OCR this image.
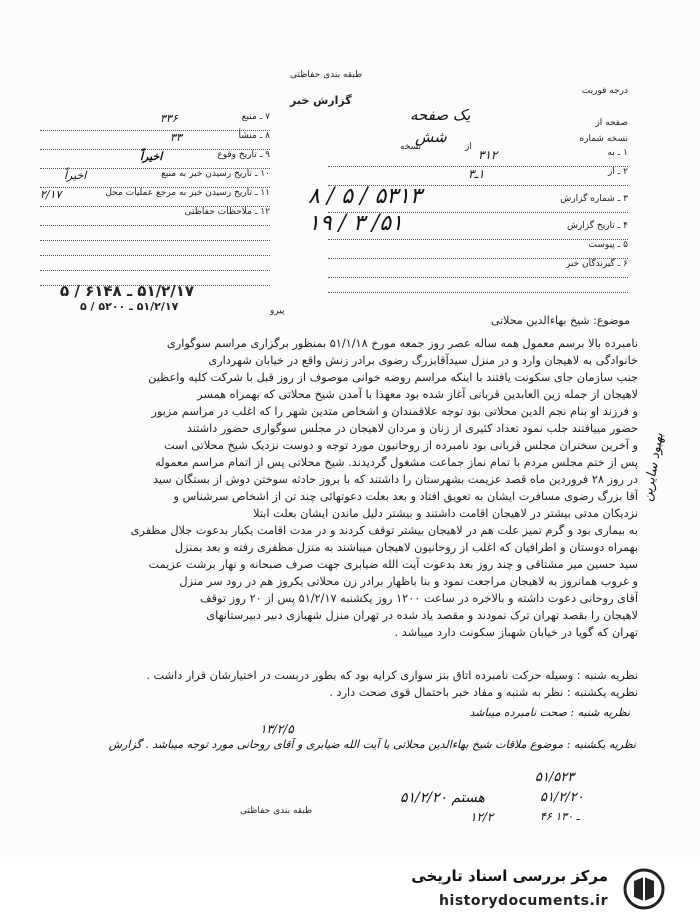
درجه فوریت
طبقه بندی حفاظتی
گزارش خبر
صفحه از
یک صفحه
نسخه شماره
شش
از
نسخه
۷ ـ منبع
۳۳۶
۸ ـ منشأ
۳۳
۹ ـ تاریخ وقوع
اخیراً
۱۰ ـ تاریخ رسیدن خبر به منبع
اخیراً
۱۱ ـ تاریخ رسیدن خبر به مرجع عملیات محل
۲/۱۷
۱۲ ـ ملاحظات حفاظتی
۱ ـ به
۳۱۲
۲ ـ از
۱ـ۳
۳ ـ شماره گزارش
۵۳۱۳ / ۵ / ۸
۴ ـ تاریخ گزارش
۵۱/ ۳ / ۱۹
۵ ـ پیوست
۶ ـ گیرندگان خبر
۵۱/۲/۱۷ ـ ۶۱۴۸ / ۵
۵۱/۲/۱۷ ـ ۵۲۰۰ / ۵	پیرو
موضوع: شیخ بهاءالدین محلاتی
نامبرده بالا برسم معمول همه ساله عصر روز جمعه مورخ ۵۱/۱/۱۸ بمنظور برگزاری مراسم سوگواری
خانوادگی به لاهیجان وارد و در منزل سیدآقابزرگ رضوی برادر زنش واقع در خیابان شهرداری
جنب سازمان جای سکونت یافتند با اینکه مراسم روضه خوانی موصوف از روز قبل با شرکت کلیه واعظین
لاهیجان از جمله زین العابدین قربانی آغاز شده بود معهذا با آمدن شیخ محلاتی که بهمراه همسر
و فرزند او بنام نجم الدین محلاتی بود توجه علاقمندان و اشخاص متدین شهر را که اغلب در مراسم مزبور
حضور مییافتند جلب نمود تعداد کثیری از زنان و مردان لاهیجان در مجلس سوگواری حضور داشتند
و آخرین سخنران مجلس قربانی بود نامبرده از روحانیون مورد توجه و دوست نزدیک شیخ محلاتی است
پس از ختم مجلس مردم با تمام نماز جماعت مشغول گردیدند. شیخ محلاتی پس از اتمام مراسم معموله
در روز ۲۸ فروردین ماه قصد عزیمت بشهرستان را داشتند که با بروز حادثه سوختن دوش از بستگان سید
آقا بزرگ رضوی مسافرت ایشان به تعویق افتاد و بعد بعلت دعوتهائی چند تن از اشخاص سرشناس و
نزدیکان مدتی بیشتر در لاهیجان اقامت داشتند و بیشتر دلیل ماندن ایشان بعلت ابتلا
به بیماری بود و گرم تمیز علت هم در لاهیجان بیشتر توقف کردند و در مدت اقامت یکبار بدعوت جلال مظفری
بهمراه دوستان و اطرافیان که اغلب از روحانیون لاهیجان میباشند به منزل مظفری رفته و بعد بمنزل
سید حسین میر مشتاقی و چند روز بعد بدعوت آیت الله ضیابری جهت صرف صبحانه و نهار برشت عزیمت
و غروب همانروز به لاهیجان مراجعت نمود و بنا باظهار برادر زن محلاتی یکروز هم در رود سر منزل
آقای روحانی دعوت داشته و بالاخره در ساعت ۱۲۰۰ روز یکشنبه ۵۱/۲/۱۷ پس از ۲۰ روز توقف
لاهیجان را بقصد تهران ترک نمودند و مقصد یاد شده در تهران منزل شهبازی دبیر دبیرستانهای
تهران که گویا در خیابان شهباز سکونت دارد میباشد .
نظریه شنبه : وسیله حرکت نامبرده اتاق بنز سواری کرایه بود که بطور دربست در اختیارشان قرار داشت .
نظریه یکشنبه : نظر به شنبه و مفاد خبر باحتمال قوی صحت دارد .
نظریه شنبه : صحت نامبرده میباشد
نظریه یکشنبه : موضوع ملاقات شیخ بهاءالدین محلاتی با آیت الله ضیابری و آقای روحانی مورد توجه میباشد . گزارش
بهبود سایرین
۱۳/۲/۵
۵۱/۲/۲۰ هستم
۱۲/۲
۵۱/۵۲۳
۵۱/۲/۲۰
۴۶ ـ ۱۳۰
طبقه بندی حفاظتی
مرکز بررسی اسناد تاریخی
historydocuments.ir
